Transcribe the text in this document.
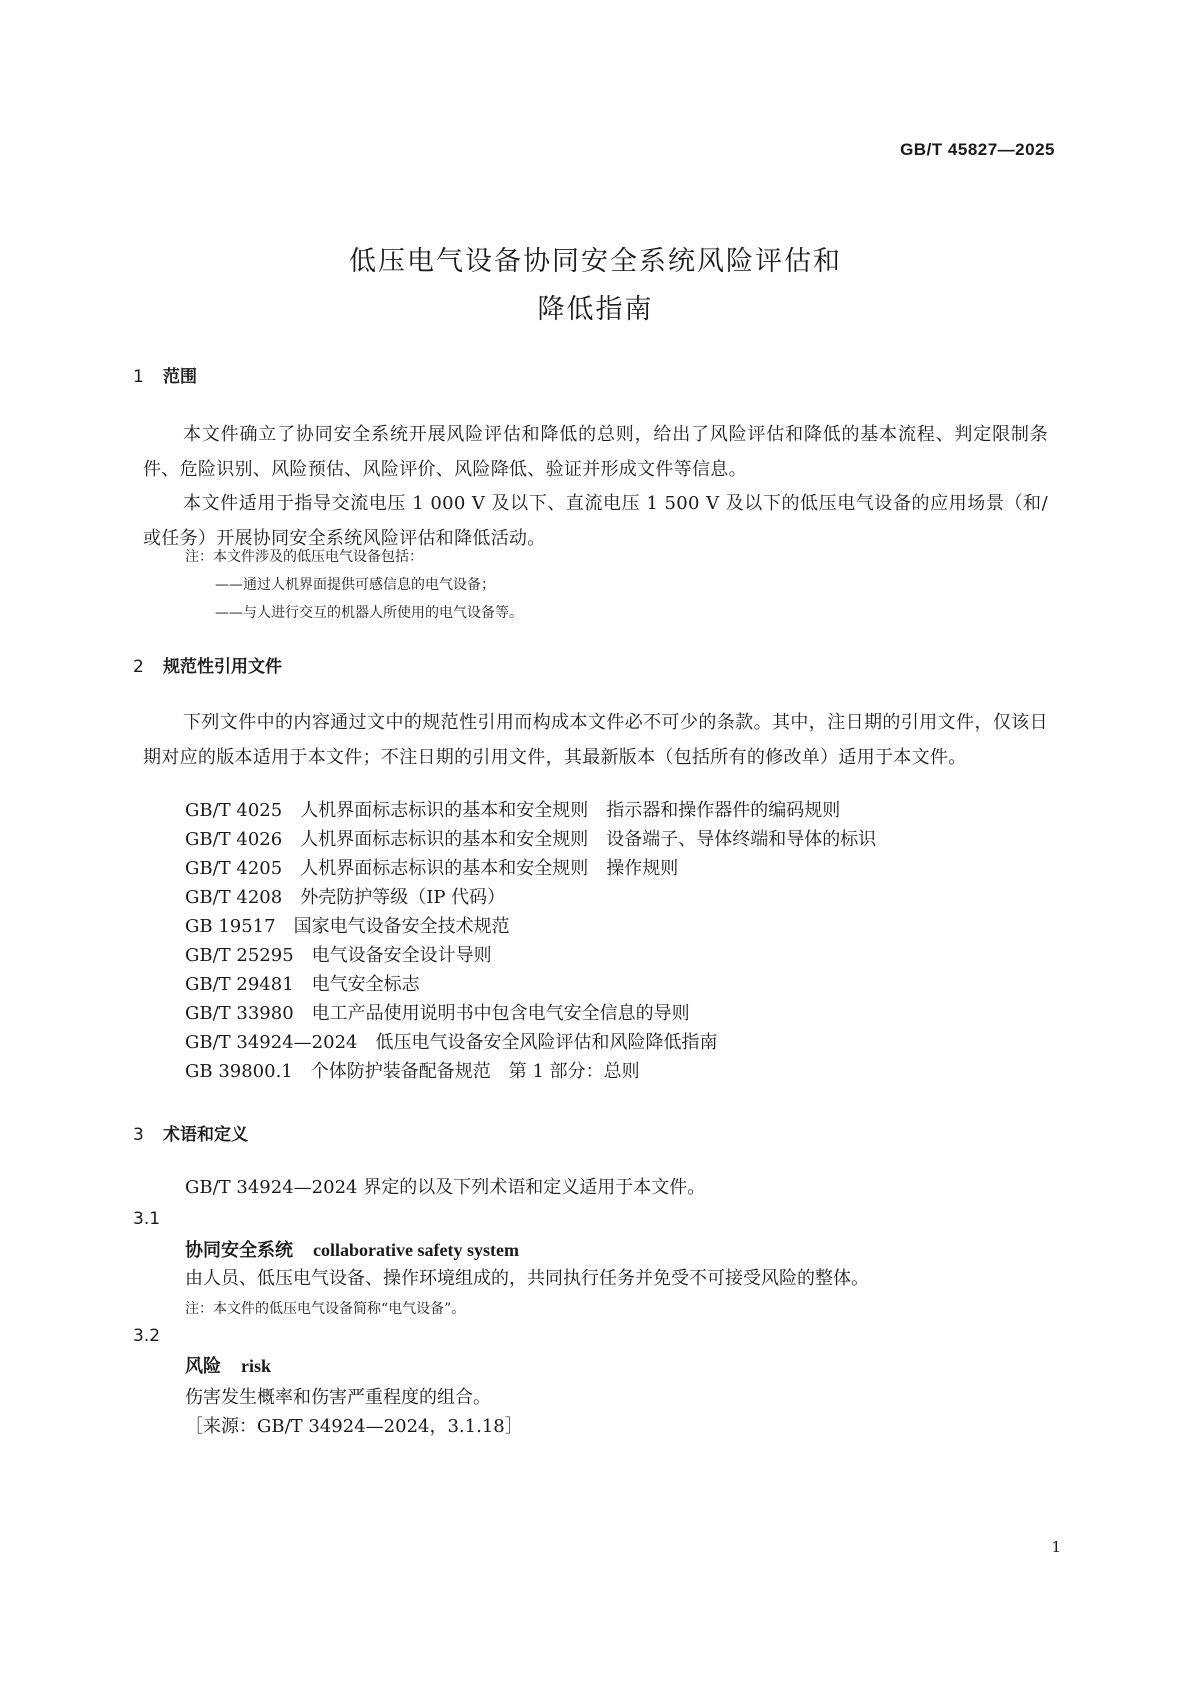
GB/T 45827—2025
低压电气设备协同安全系统风险评估和
降低指南
1 范围
本文件确立了协同安全系统开展风险评估和降低的总则，给出了风险评估和降低的基本流程、判定限制条件、危险识别、风险预估、风险评价、风险降低、验证并形成文件等信息。
本文件适用于指导交流电压 1 000 V 及以下、直流电压 1 500 V 及以下的低压电气设备的应用场景（和/或任务）开展协同安全系统风险评估和降低活动。
注：本文件涉及的低压电气设备包括：
——通过人机界面提供可感信息的电气设备；
——与人进行交互的机器人所使用的电气设备等。
2 规范性引用文件
下列文件中的内容通过文中的规范性引用而构成本文件必不可少的条款。其中，注日期的引用文件，仅该日期对应的版本适用于本文件；不注日期的引用文件，其最新版本（包括所有的修改单）适用于本文件。
GB/T 4025 人机界面标志标识的基本和安全规则　指示器和操作器件的编码规则
GB/T 4026 人机界面标志标识的基本和安全规则　设备端子、导体终端和导体的标识
GB/T 4205 人机界面标志标识的基本和安全规则　操作规则
GB/T 4208 外壳防护等级（IP 代码）
GB 19517 国家电气设备安全技术规范
GB/T 25295 电气设备安全设计导则
GB/T 29481 电气安全标志
GB/T 33980 电工产品使用说明书中包含电气安全信息的导则
GB/T 34924—2024 低压电气设备安全风险评估和风险降低指南
GB 39800.1 个体防护装备配备规范　第 1 部分：总则
3 术语和定义
GB/T 34924—2024 界定的以及下列术语和定义适用于本文件。
3.1
协同安全系统 collaborative safety system
由人员、低压电气设备、操作环境组成的，共同执行任务并免受不可接受风险的整体。
注：本文件的低压电气设备简称“电气设备”。
3.2
风险 risk
伤害发生概率和伤害严重程度的组合。
［来源：GB/T 34924—2024，3.1.18］
1
